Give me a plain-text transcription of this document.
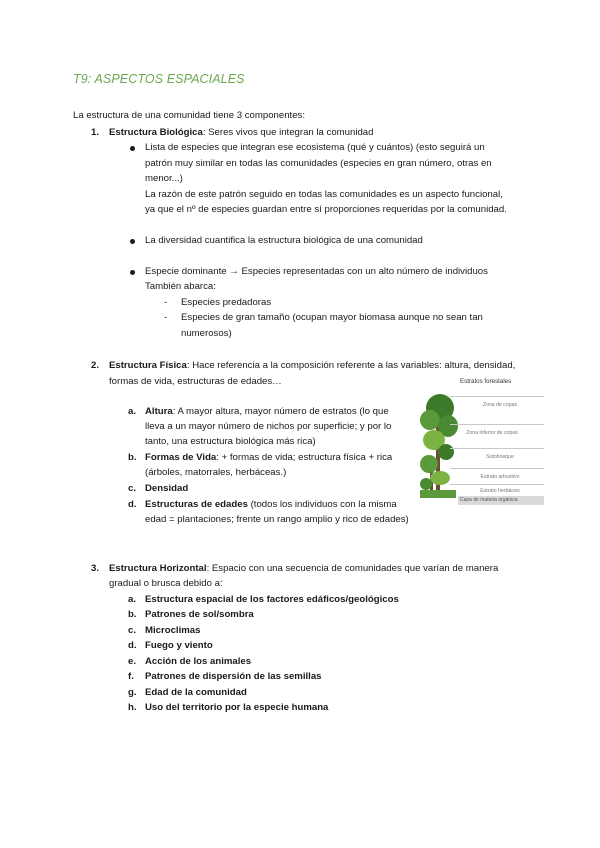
T9: ASPECTOS ESPACIALES
La estructura de una comunidad tiene 3 componentes:
1. Estructura Biológica: Seres vivos que integran la comunidad
Lista de especies que integran ese ecosistema (qué y cuántos) (esto seguirá un
patrón muy similar en todas las comunidades (especies en gran número, otras en
menor...)
La razón de este patrón seguido en todas las comunidades es un aspecto funcional,
ya que el nº de especies guardan entre sí proporciones requeridas por la comunidad.
La diversidad cuantifica la estructura biológica de una comunidad
Especie dominante → Especies representadas con un alto número de individuos
También abarca:
- Especies predadoras
- Especies de gran tamaño (ocupan mayor biomasa aunque no sean tan
numerosos)
2. Estructura Física: Hace referencia a la composición referente a las variables: altura, densidad,
formas de vida, estructuras de edades…
a. Altura: A mayor altura, mayor número de estratos (lo que
lleva a un mayor número de nichos por superficie; y por lo
tanto, una estructura biológica más rica)
b. Formas de Vida: + formas de vida; estructura física + rica
(árboles, matorrales, herbáceas.)
c. Densidad
d. Estructuras de edades (todos los individuos con la misma
edad = plantaciones; frente un rango amplio y rico de edades)
Estratos forestales
Zona de copas
Zona inferior de copas
Sotobosque
Estrato arbustivo
Estrato herbáceo
Capa de materia orgánica
3. Estructura Horizontal: Espacio con una secuencia de comunidades que varían de manera
gradual o brusca debido a:
a. Estructura espacial de los factores edáficos/geológicos
b. Patrones de sol/sombra
c. Microclimas
d. Fuego y viento
e. Acción de los animales
f. Patrones de dispersión de las semillas
g. Edad de la comunidad
h. Uso del territorio por la especie humana
